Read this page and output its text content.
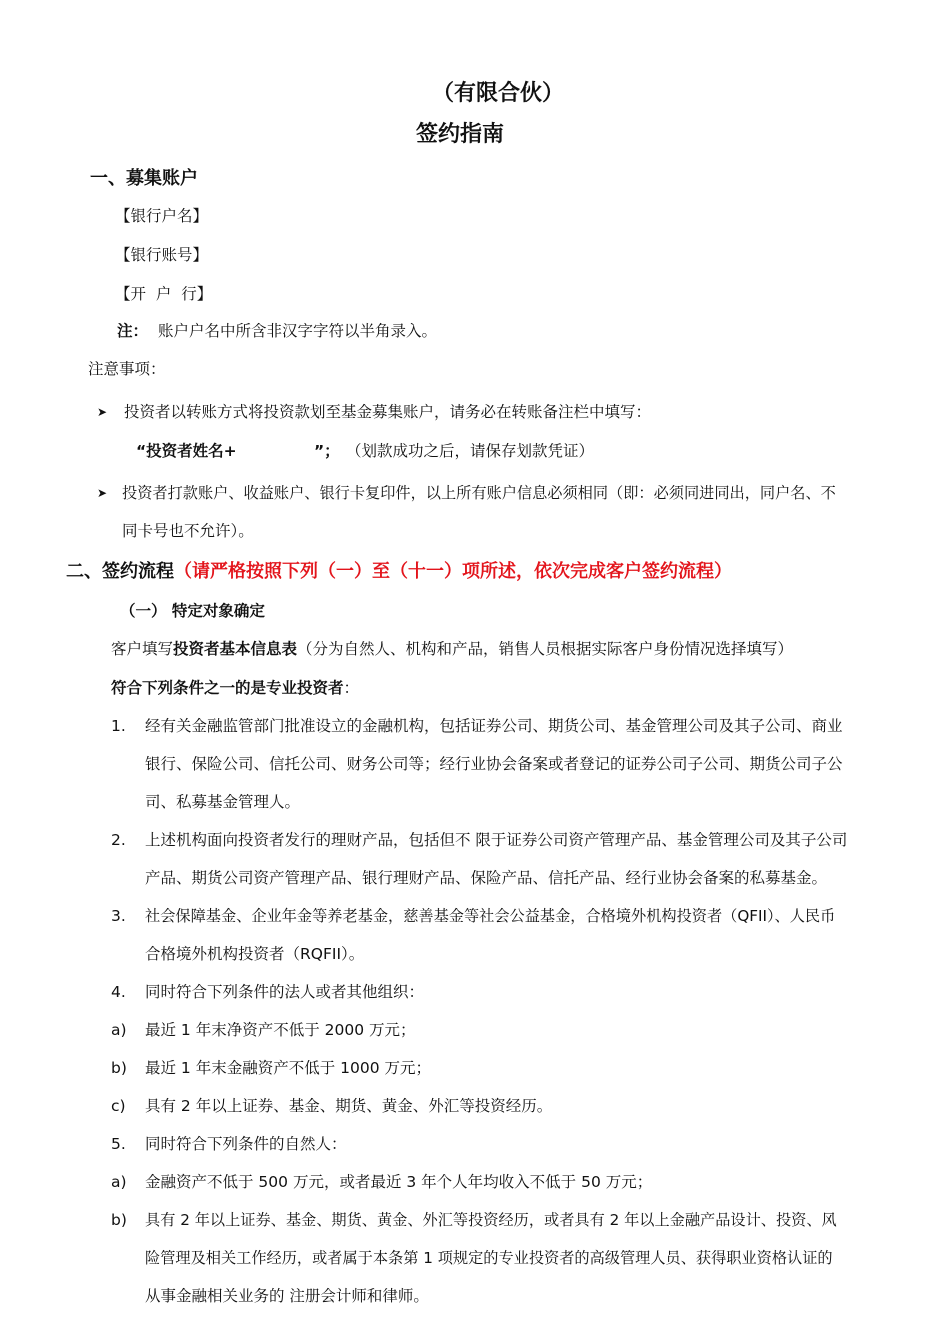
（有限合伙）
签约指南
一、募集账户
【银行户名】
【银行账号】
【开  户  行】
注： 账户户名中所含非汉字字符以半角录入。
注意事项：
➤ 投资者以转账方式将投资款划至基金募集账户，请务必在转账备注栏中填写：
“投资者姓名+	”； （划款成功之后，请保存划款凭证）
➤ 投资者打款账户、收益账户、银行卡复印件，以上所有账户信息必须相同（即：必须同进同出，同户名、不
同卡号也不允许）。
二、签约流程（请严格按照下列（一）至（十一）项所述，依次完成客户签约流程）
（一） 特定对象确定
客户填写投资者基本信息表（分为自然人、机构和产品，销售人员根据实际客户身份情况选择填写）
符合下列条件之一的是专业投资者：
1. 经有关金融监管部门批准设立的金融机构，包括证券公司、期货公司、基金管理公司及其子公司、商业
银行、保险公司、信托公司、财务公司等；经行业协会备案或者登记的证券公司子公司、期货公司子公
司、私募基金管理人。
2. 上述机构面向投资者发行的理财产品，包括但不 限于证券公司资产管理产品、基金管理公司及其子公司
产品、期货公司资产管理产品、银行理财产品、保险产品、信托产品、经行业协会备案的私募基金。
3. 社会保障基金、企业年金等养老基金，慈善基金等社会公益基金，合格境外机构投资者（QFII）、人民币
合格境外机构投资者（RQFII）。
4. 同时符合下列条件的法人或者其他组织：
a) 最近 1 年末净资产不低于 2000 万元；
b) 最近 1 年末金融资产不低于 1000 万元；
c) 具有 2 年以上证券、基金、期货、黄金、外汇等投资经历。
5. 同时符合下列条件的自然人：
a) 金融资产不低于 500 万元，或者最近 3 年个人年均收入不低于 50 万元；
b) 具有 2 年以上证券、基金、期货、黄金、外汇等投资经历，或者具有 2 年以上金融产品设计、投资、风
险管理及相关工作经历，或者属于本条第 1 项规定的专业投资者的高级管理人员、获得职业资格认证的
从事金融相关业务的 注册会计师和律师。
